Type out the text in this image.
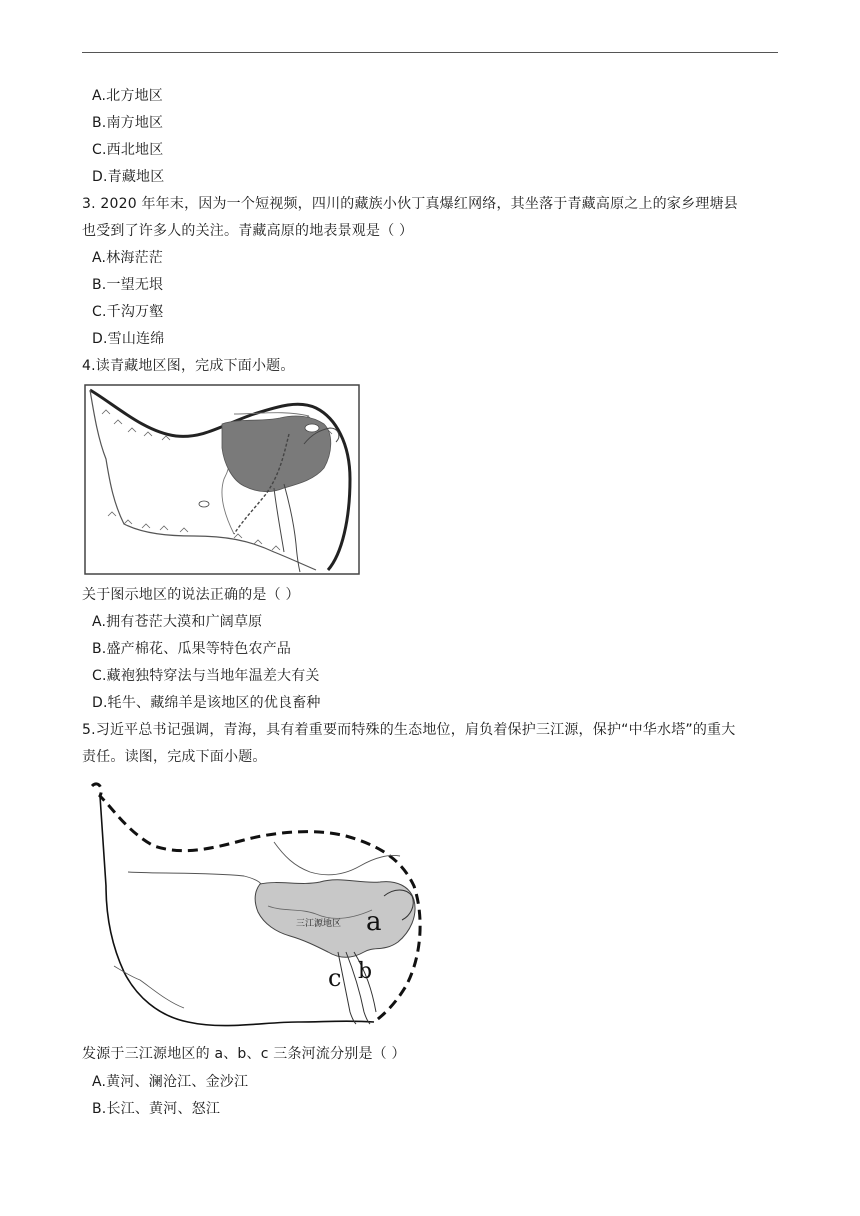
A.北方地区
B.南方地区
C.西北地区
D.青藏地区
3. 2020 年年末，因为一个短视频，四川的藏族小伙丁真爆红网络，其坐落于青藏高原之上的家乡理塘县
也受到了许多人的关注。青藏高原的地表景观是（ ）
A.林海茫茫
B.一望无垠
C.千沟万壑
D.雪山连绵
4.读青藏地区图，完成下面小题。
关于图示地区的说法正确的是（ ）
A.拥有苍茫大漠和广阔草原
B.盛产棉花、瓜果等特色农产品
C.藏袍独特穿法与当地年温差大有关
D.牦牛、藏绵羊是该地区的优良畜种
5.习近平总书记强调，青海，具有着重要而特殊的生态地位，肩负着保护三江源，保护“中华水塔”的重大
责任。读图，完成下面小题。
三江源地区 a
b
c
发源于三江源地区的 a、b、c 三条河流分别是（ ）
A.黄河、澜沧江、金沙江
B.长江、黄河、怒江
